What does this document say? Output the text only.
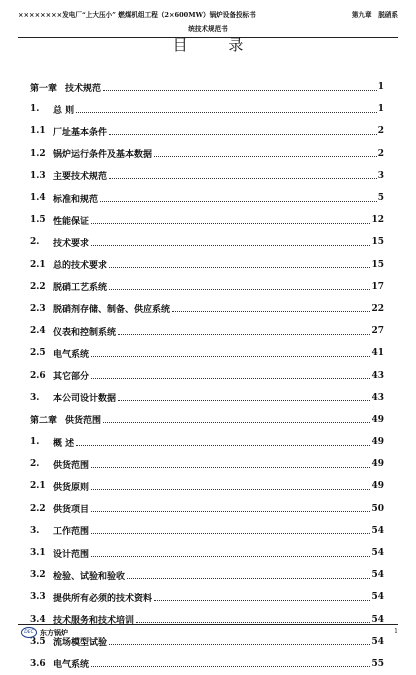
××××××××发电厂“上大压小” 燃煤机组工程（2×600MW）锅炉设备投标书	第九章　脱硝系
统技术规范书
目 录
第一章 技术规范	1
1.	总 则	1
1.1 厂址基本条件	2
1.2 锅炉运行条件及基本数据	2
1.3 主要技术规范	3
1.4 标准和规范	5
1.5 性能保证	12
2.	技术要求	15
2.1 总的技术要求	15
2.2 脱硝工艺系统	17
2.3 脱硝剂存储、制备、供应系统	22
2.4 仪表和控制系统	27
2.5 电气系统	41
2.6 其它部分	43
3.	本公司设计数据	43
第二章 供货范围	49
1.	概 述	49
2.	供货范围	49
2.1 供货原则	49
2.2 供货项目	50
3.	工作范围	54
3.1 设计范围	54
3.2 检验、试验和验收	54
3.3 提供所有必须的技术资料	54
3.4 技术服务和技术培训	54
3.5 流场模型试验	54
3.6 电气系统	55
DEC 东方锅炉	1
